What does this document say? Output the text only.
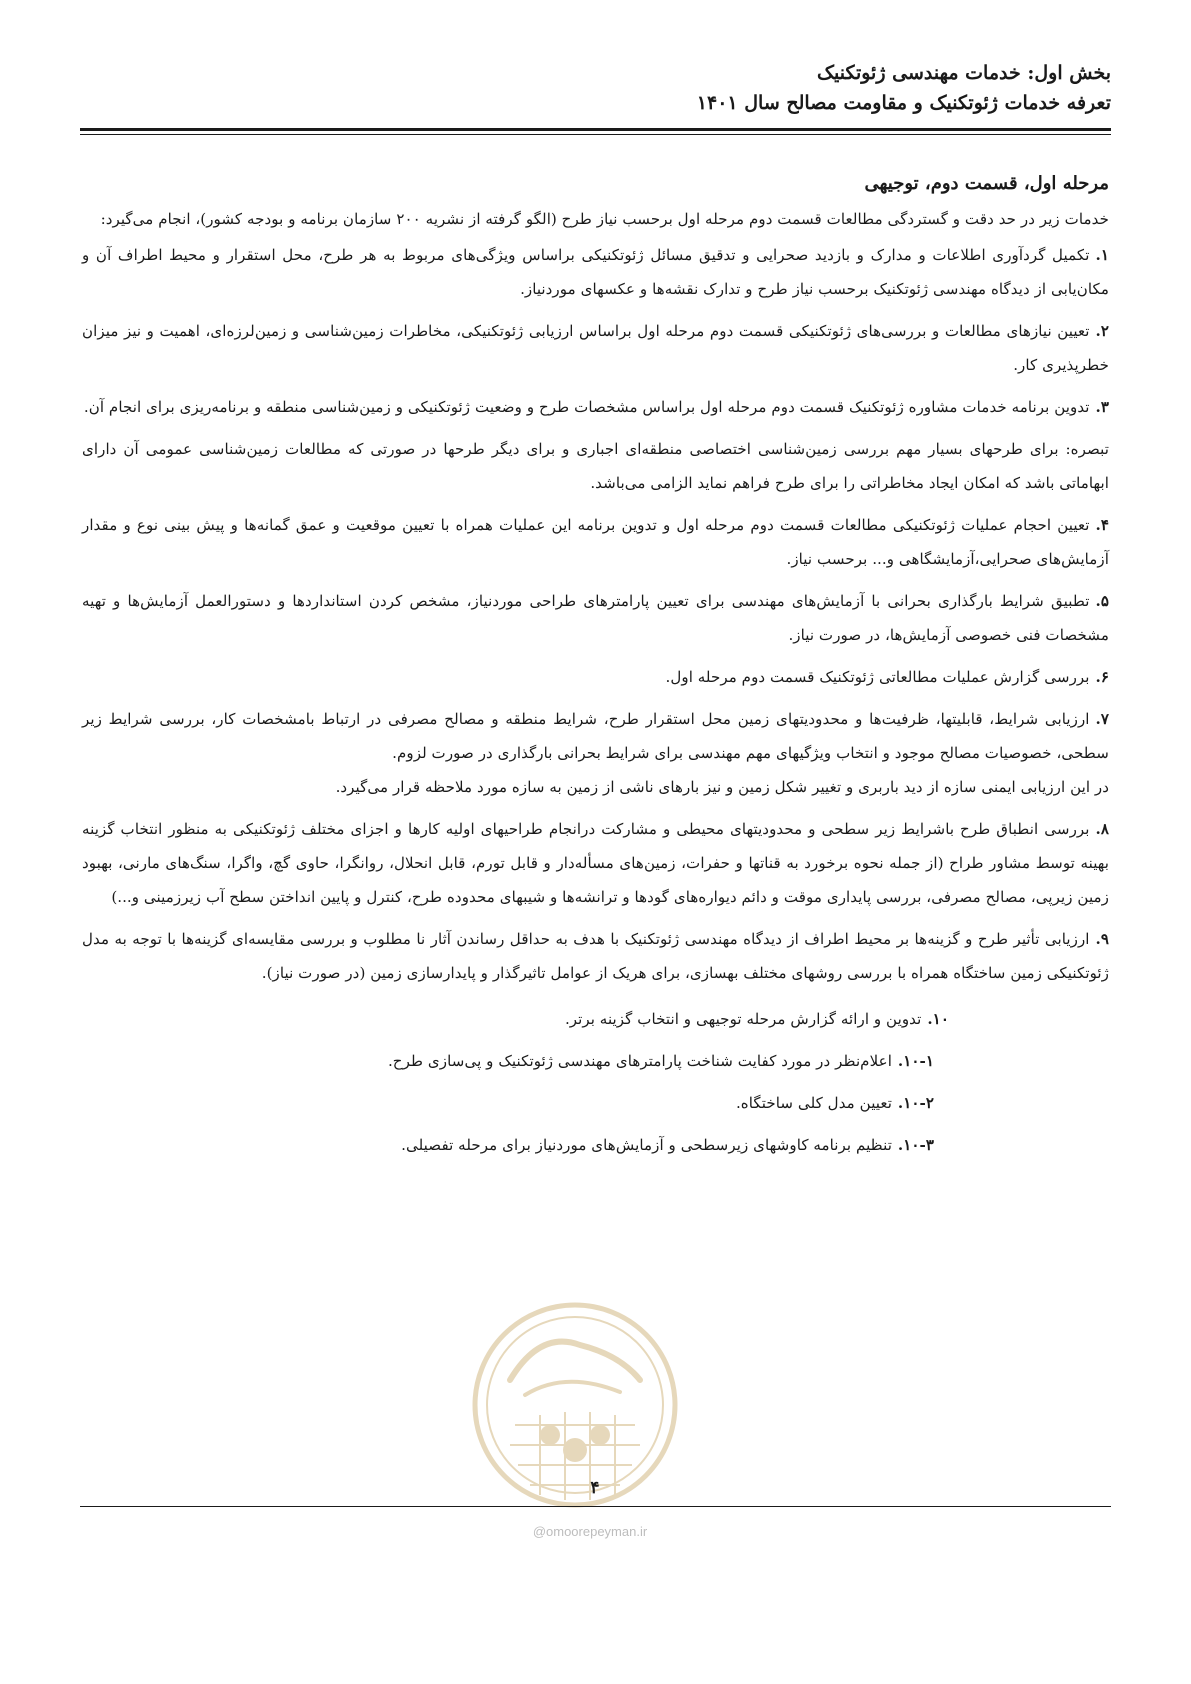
بخش اول: خدمات مهندسی ژئوتکنیک
تعرفه خدمات ژئوتکنیک و مقاومت مصالح سال ۱۴۰۱
مرحله اول، قسمت دوم، توجیهی

خدمات زیر در حد دقت و گستردگی مطالعات قسمت دوم مرحله اول برحسب نیاز طرح (الگو گرفته از نشریه ۲۰۰ سازمان برنامه و بودجه کشور)، انجام می‌گیرد:

۱.تکمیل گردآوری اطلاعات و مدارک و بازدید صحرایی و تدقیق مسائل ژئوتکنیکی براساس ویژگی‌های مربوط به هر طرح، محل استقرار و محیط اطراف آن و مکان‌یابی از دیدگاه مهندسی ژئوتکنیک برحسب نیاز طرح و تدارک نقشه‌ها و عکسهای موردنیاز.

۲.تعیین نیازهای مطالعات و بررسی‌های ژئوتکنیکی قسمت دوم مرحله اول براساس ارزیابی ژئوتکنیکی، مخاطرات زمین‌شناسی و زمین‌لرزه‌ای، اهمیت و نیز میزان خطرپذیری کار.

۳.تدوین برنامه خدمات مشاوره ژئوتکنیک قسمت دوم مرحله اول براساس مشخصات طرح و وضعیت ژئوتکنیکی و زمین‌شناسی منطقه و برنامه‌ریزی برای انجام آن.

تبصره: برای طرحهای بسیار مهم بررسی زمین‌شناسی اختصاصی منطقه‌ای اجباری و برای دیگر طرحها در صورتی که مطالعات زمین‌شناسی عمومی آن دارای ابهاماتی باشد که امکان ایجاد مخاطراتی را برای طرح فراهم نماید الزامی می‌باشد.

۴.تعیین احجام عملیات ژئوتکنیکی مطالعات قسمت دوم مرحله اول و تدوین برنامه این عملیات همراه با تعیین موقعیت و عمق گمانه‌ها و پیش بینی نوع و مقدار آزمایش‌های صحرایی،آزمایشگاهی و... برحسب نیاز.

۵.تطبیق شرایط بارگذاری بحرانی با آزمایش‌های مهندسی برای تعیین پارامترهای طراحی موردنیاز، مشخص کردن استانداردها و دستورالعمل آزمایش‌ها و تهیه مشخصات فنی خصوصی آزمایش‌ها، در صورت نیاز.

۶.بررسی گزارش عملیات مطالعاتی ژئوتکنیک قسمت دوم مرحله اول.

۷.ارزیابی شرایط، قابلیتها، ظرفیت‌ها و محدودیتهای زمین محل استقرار طرح، شرایط منطقه و مصالح مصرفی در ارتباط بامشخصات کار، بررسی شرایط زیر سطحی، خصوصیات مصالح موجود و انتخاب ویژگیهای مهم مهندسی برای شرایط بحرانی بارگذاری در صورت لزوم.

در این ارزیابی ایمنی سازه از دید باربری و تغییر شکل زمین و نیز بارهای ناشی از زمین به سازه مورد ملاحظه قرار می‌گیرد.

۸.بررسی انطباق طرح باشرایط زیر سطحی و محدودیتهای محیطی و مشارکت درانجام طراحیهای اولیه کارها و اجزای مختلف ژئوتکنیکی به منظور انتخاب گزینه بهینه توسط مشاور طراح (از جمله نحوه برخورد به قناتها و حفرات، زمین‌های مسأله‌دار و قابل تورم، قابل انحلال، روانگرا، حاوی گچ، واگرا، سنگ‌های مارنی، بهبود زمین زیرپی، مصالح مصرفی، بررسی پایداری موقت و دائم دیواره‌های گودها و ترانشه‌ها و شیبهای محدوده طرح، کنترل و پایین انداختن سطح آب زیرزمینی و...)

۹.ارزیابی تأثیر طرح و گزینه‌ها بر محیط اطراف از دیدگاه مهندسی ژئوتکنیک با هدف به حداقل رساندن آثار نا مطلوب و بررسی مقایسه‌ای گزینه‌ها با توجه به مدل ژئوتکنیکی زمین ساختگاه همراه با بررسی روشهای مختلف بهسازی، برای هریک از عوامل تاثیرگذار و پایدارسازی زمین (در صورت نیاز).

۱۰.تدوین و ارائه گزارش مرحله توجیهی و انتخاب گزینه برتر.

۱۰-۱.اعلام‌نظر در مورد کفایت شناخت پارامترهای مهندسی ژئوتکنیک و پی‌سازی طرح.

۱۰-۲.تعیین مدل کلی ساختگاه.

۱۰-۳.تنظیم برنامه کاوشهای زیرسطحی و آزمایش‌های موردنیاز برای مرحله تفصیلی.

۴
@omoorepeyman.ir
